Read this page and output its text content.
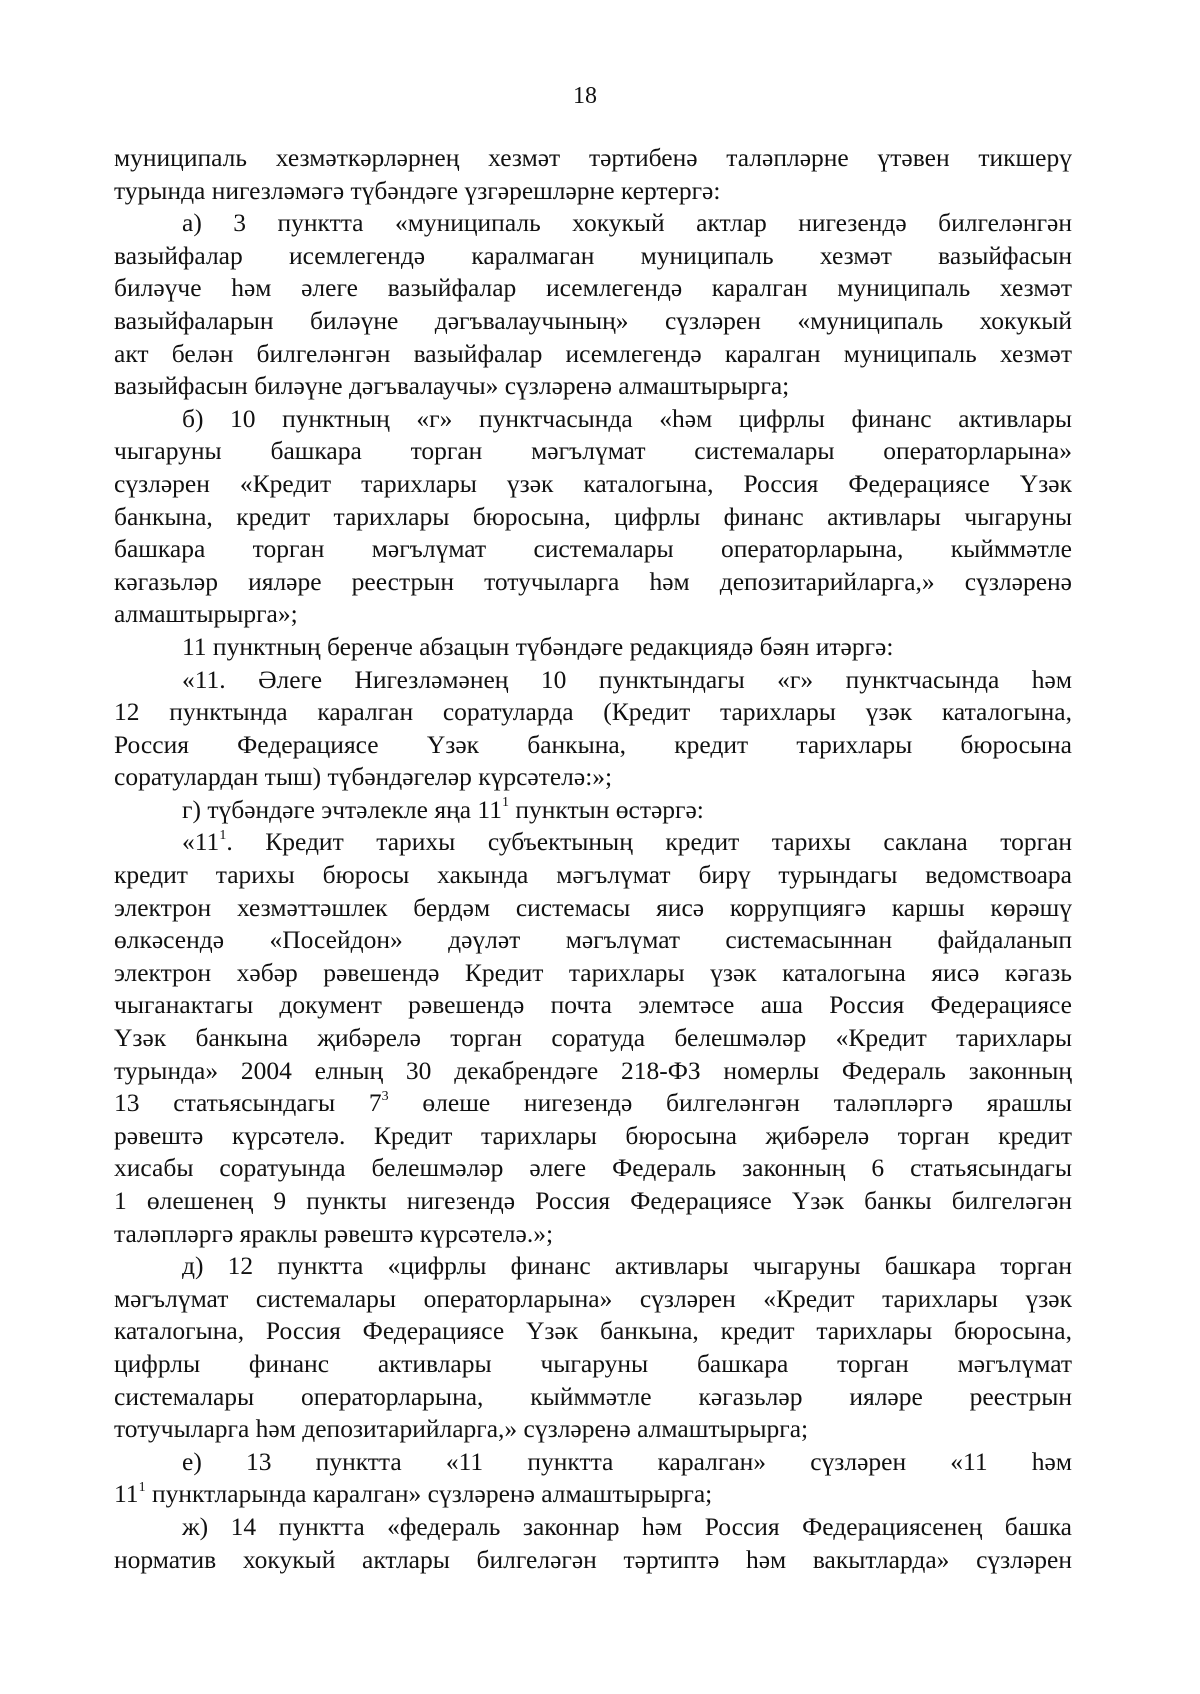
18
муниципаль хезмәткәрләрнең хезмәт тәртибенә таләпләрне үтәвен тикшерү
турында нигезләмәгә түбәндәге үзгәрешләрне кертергә:
а) 3 пунктта «муниципаль хокукый актлар нигезендә билгеләнгән
вазыйфалар исемлегендә каралмаган муниципаль хезмәт вазыйфасын
биләүче һәм әлеге вазыйфалар исемлегендә каралган муниципаль хезмәт
вазыйфаларын биләүне дәгъвалаучының» сүзләрен «муниципаль хокукый
акт белән билгеләнгән вазыйфалар исемлегендә каралган муниципаль хезмәт
вазыйфасын биләүне дәгъвалаучы» сүзләренә алмаштырырга;
б) 10 пунктның «г» пунктчасында «һәм цифрлы финанс активлары
чыгаруны башкара торган мәгълүмат системалары операторларына»
сүзләрен «Кредит тарихлары үзәк каталогына, Россия Федерациясе Үзәк
банкына, кредит тарихлары бюросына, цифрлы финанс активлары чыгаруны
башкара торган мәгълүмат системалары операторларына, кыйммәтле
кәгазьләр ияләре реестрын тотучыларга һәм депозитарийларга,» сүзләренә
алмаштырырга»;
11 пунктның беренче абзацын түбәндәге редакциядә бәян итәргә:
«11. Әлеге Нигезләмәнең 10 пунктындагы «г» пунктчасында һәм
12 пунктында каралган соратуларда (Кредит тарихлары үзәк каталогына,
Россия Федерациясе Үзәк банкына, кредит тарихлары бюросына
соратулардан тыш) түбәндәгеләр күрсәтелә:»;
г) түбәндәге эчтәлекле яңа $11^1$ пунктын өстәргә:
«$11^1$. Кредит тарихы субъектының кредит тарихы саклана торган
кредит тарихы бюросы хакында мәгълүмат бирү турындагы ведомствоара
электрон хезмәттәшлек бердәм системасы яисә коррупциягә каршы көрәшү
өлкәсендә «Посейдон» дәүләт мәгълүмат системасыннан файдаланып
электрон хәбәр рәвешендә Кредит тарихлары үзәк каталогына яисә кәгазь
чыганактагы документ рәвешендә почта элемтәсе аша Россия Федерациясе
Үзәк банкына җибәрелә торган соратуда белешмәләр «Кредит тарихлары
турында» 2004 елның 30 декабрендәге 218-ФЗ номерлы Федераль законның
13 статьясындагы $7^3$ өлеше нигезендә билгеләнгән таләпләргә ярашлы
рәвештә күрсәтелә. Кредит тарихлары бюросына җибәрелә торган кредит
хисабы соратуында белешмәләр әлеге Федераль законның 6 статьясындагы
1 өлешенең 9 пункты нигезендә Россия Федерациясе Үзәк банкы билгеләгән
таләпләргә яраклы рәвештә күрсәтелә.»;
д) 12 пунктта «цифрлы финанс активлары чыгаруны башкара торган
мәгълүмат системалары операторларына» сүзләрен «Кредит тарихлары үзәк
каталогына, Россия Федерациясе Үзәк банкына, кредит тарихлары бюросына,
цифрлы финанс активлары чыгаруны башкара торган мәгълүмат
системалары операторларына, кыйммәтле кәгазьләр ияләре реестрын
тотучыларга һәм депозитарийларга,» сүзләренә алмаштырырга;
е) 13 пунктта «11 пунктта каралган» сүзләрен «11 һәм
$11^1$ пунктларында каралган» сүзләренә алмаштырырга;
ж) 14 пунктта «федераль законнар һәм Россия Федерациясенең башка
норматив хокукый актлары билгеләгән тәртиптә һәм вакытларда» сүзләрен
